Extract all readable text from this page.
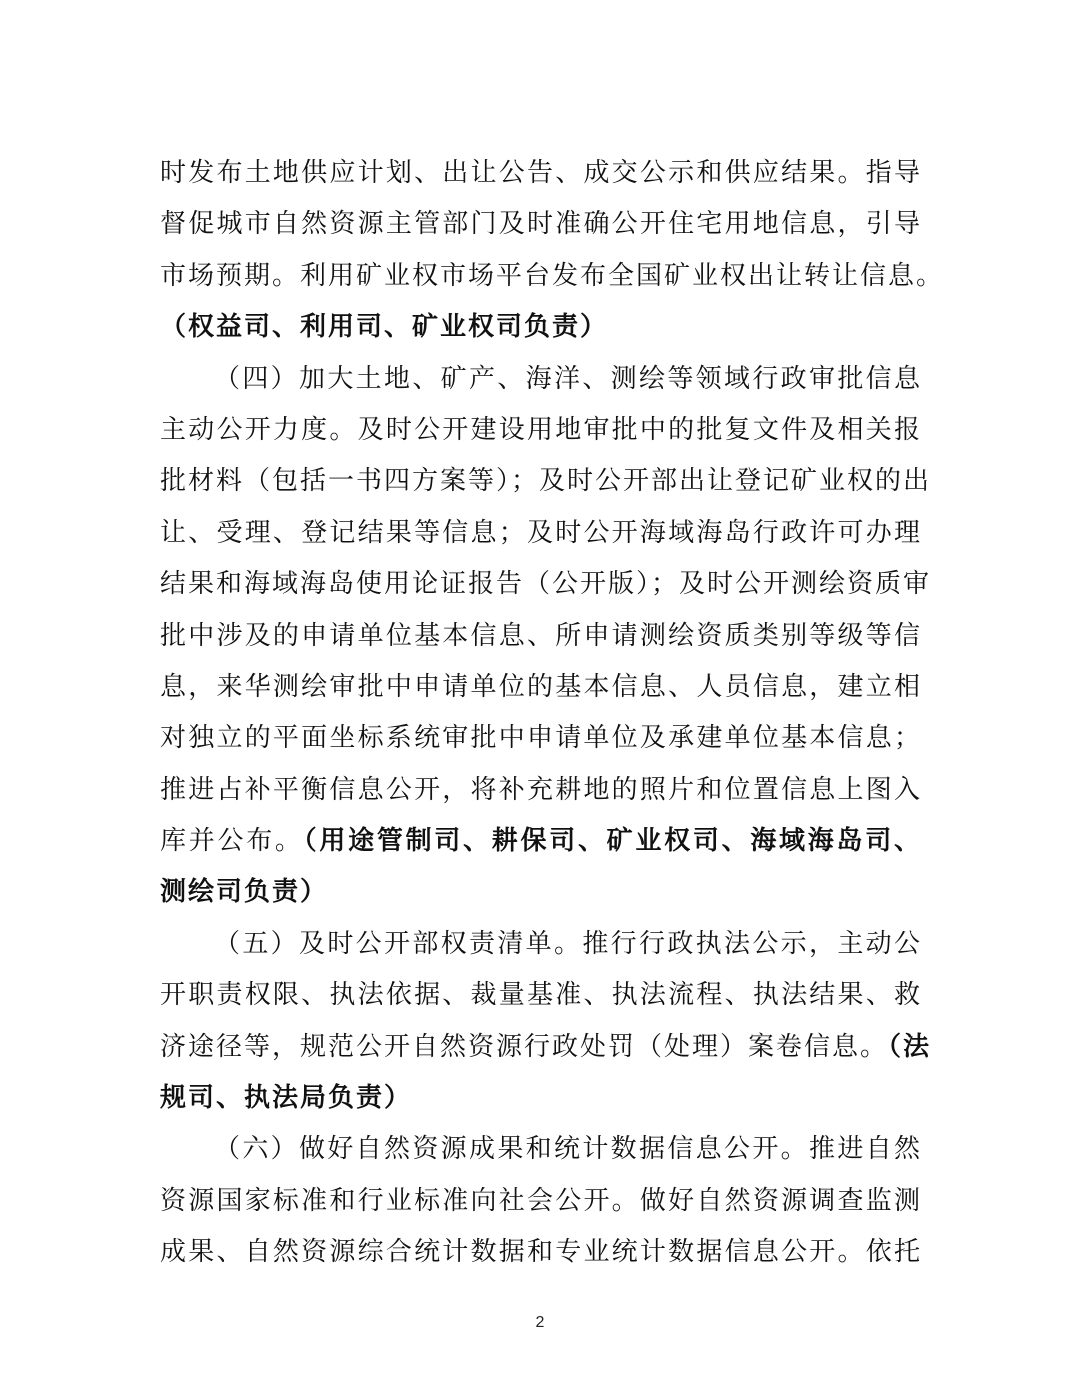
时发布土地供应计划、出让公告、成交公示和供应结果。指导
督促城市自然资源主管部门及时准确公开住宅用地信息，引导
市场预期。利用矿业权市场平台发布全国矿业权出让转让信息。
（权益司、利用司、矿业权司负责）
（四）加大土地、矿产、海洋、测绘等领域行政审批信息
主动公开力度。及时公开建设用地审批中的批复文件及相关报
批材料（包括一书四方案等）；及时公开部出让登记矿业权的出
让、受理、登记结果等信息；及时公开海域海岛行政许可办理
结果和海域海岛使用论证报告（公开版）；及时公开测绘资质审
批中涉及的申请单位基本信息、所申请测绘资质类别等级等信
息，来华测绘审批中申请单位的基本信息、人员信息，建立相
对独立的平面坐标系统审批中申请单位及承建单位基本信息；
推进占补平衡信息公开，将补充耕地的照片和位置信息上图入
库并公布。（用途管制司、耕保司、矿业权司、海域海岛司、
测绘司负责）
（五）及时公开部权责清单。推行行政执法公示，主动公
开职责权限、执法依据、裁量基准、执法流程、执法结果、救
济途径等，规范公开自然资源行政处罚（处理）案卷信息。（法
规司、执法局负责）
（六）做好自然资源成果和统计数据信息公开。推进自然
资源国家标准和行业标准向社会公开。做好自然资源调查监测
成果、自然资源综合统计数据和专业统计数据信息公开。依托
2
